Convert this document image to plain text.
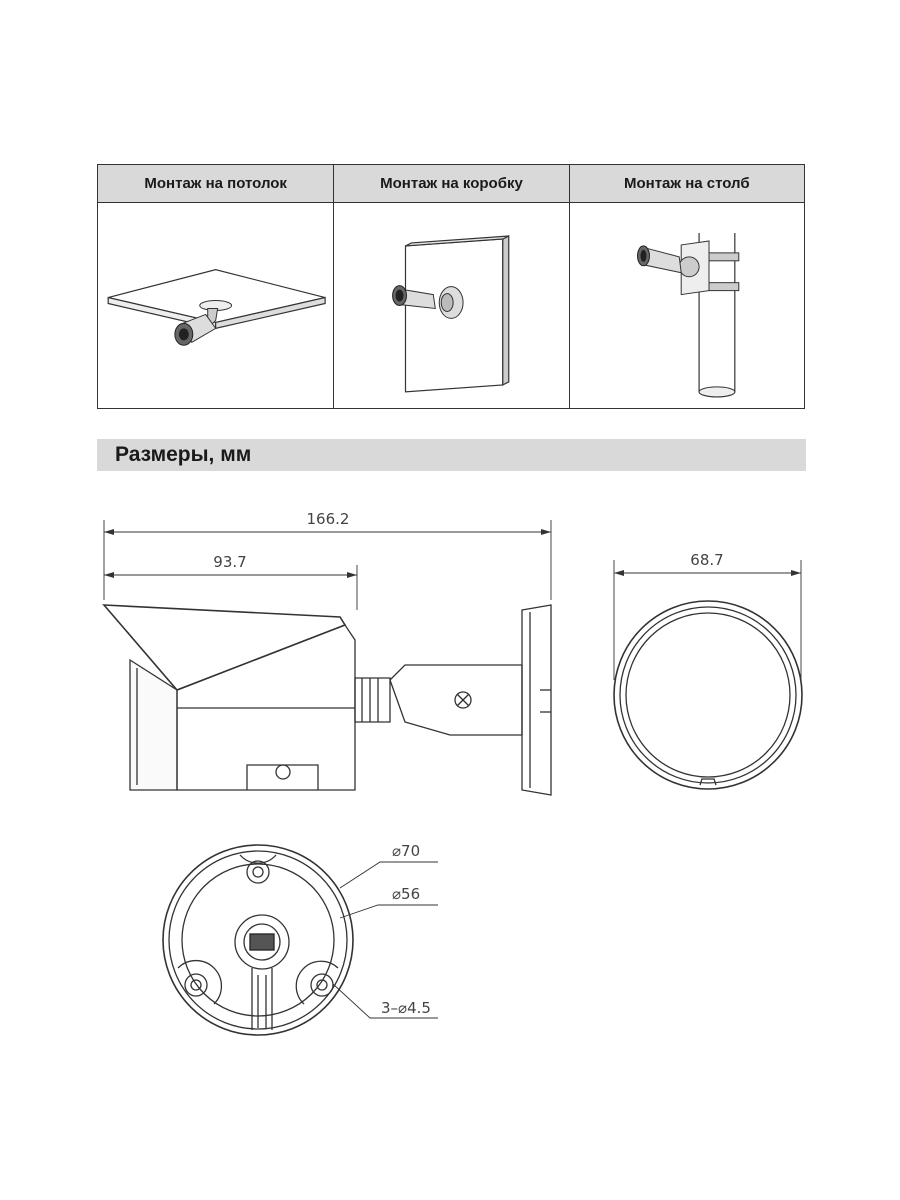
Монтаж на потолок	Монтаж на коробку	Монтаж на столб
Размеры, мм
166.2
93.7	68.7
⌀70
⌀56
3–⌀4.5
